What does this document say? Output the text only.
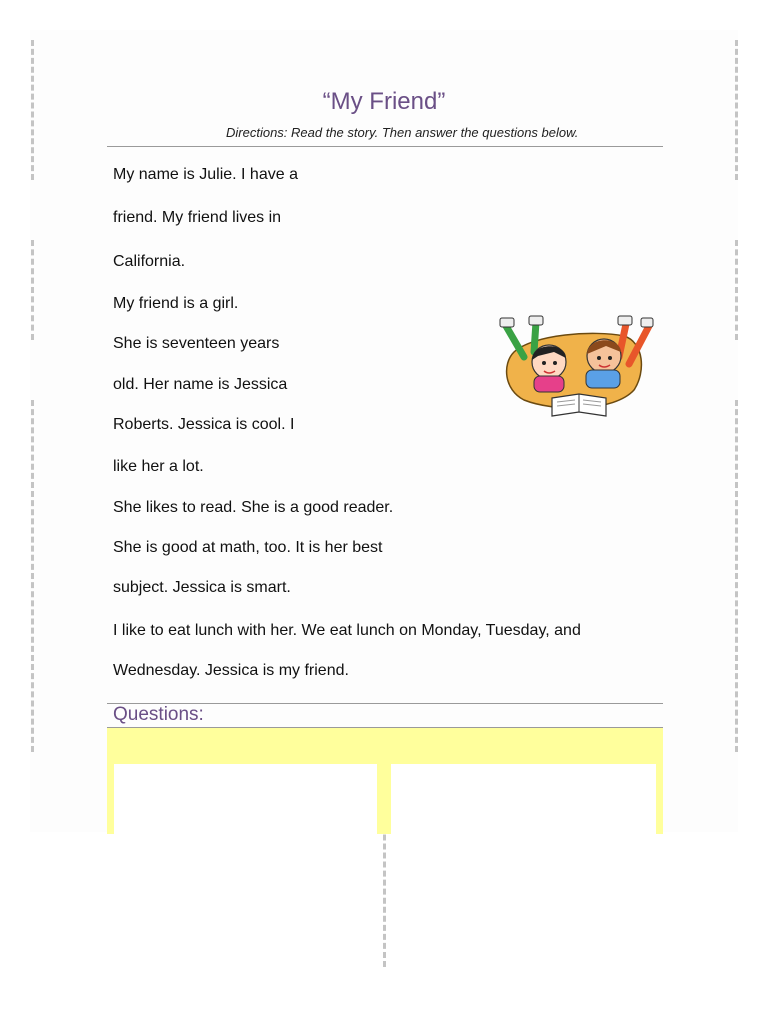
“My Friend”

Directions: Read the story. Then answer the questions below.

My name is Julie. I have a

friend. My friend lives in

California.

My friend is a girl.

She is seventeen years

old. Her name is Jessica

Roberts. Jessica is cool. I

like her a lot.

She likes to read. She is a good reader.

She is good at math, too. It is her best

subject. Jessica is smart.

I like to eat lunch with her. We eat lunch on Monday, Tuesday, and

Wednesday. Jessica is my friend.

Questions:
